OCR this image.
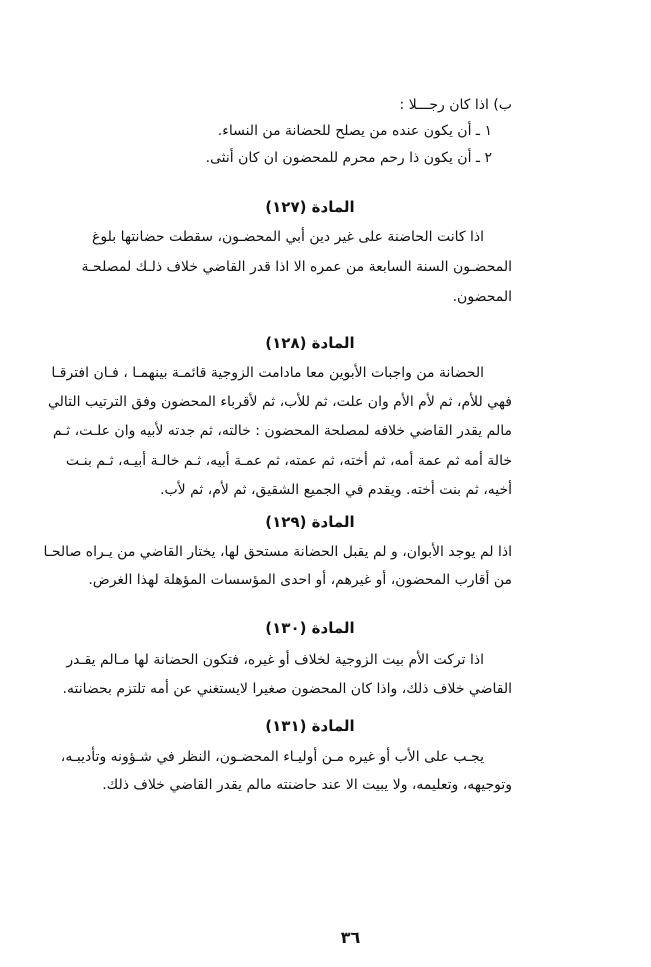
ب) اذا كان رجـــلا :
١ ـ أن يكون عنده من يصلح للحضانة من النساء.
٢ ـ أن يكون ذا رحم محرم للمحضون ان كان أنثى.
المادة (١٢٧)
اذا كانت الحاضنة على غير دين أبي المحضـون، سقطت حضانتها بلوغ
المحضـون السنة السابعة من عمره الا اذا قدر القاضي خلاف ذلـك لمصلحـة
المحضون.
المادة (١٢٨)
الحضانة من واجبات الأبوين معا مادامت الزوجية قائمـة بينهمـا ، فـان افترقـا
فهي للأم، ثم لأم الأم وان علت، ثم للأب، ثم لأقرباء المحضون وفق الترتيب التالي
مالم يقدر القاضي خلافه لمصلحة المحضون : خالته، ثم جدته لأبيه وان علـت، ثـم
خالة أمه ثم عمة أمه، ثم أخته، ثم عمته، ثم عمـة أبيه، ثـم خالـة أبيـه، ثـم بنـت
أخيه، ثم بنت أخته. ويقدم في الجميع الشقيق، ثم لأم، ثم لأب.
المادة (١٢٩)
اذا لم يوجد الأبوان، و لم يقبل الحضانة مستحق لها، يختار القاضي من يـراه صالحـا
من أقارب المحضون، أو غيرهم، أو احدى المؤسسات المؤهلة لهذا الغرض.
المادة (١٣٠)
اذا تركت الأم بيت الزوجية لخلاف أو غيره، فتكون الحضانة لها مـالم يقـدر
القاضي خلاف ذلك، واذا كان المحضون صغيرا لايستغني عن أمه تلتزم بحضانته.
المادة (١٣١)
يجـب على الأب أو غيره مـن أوليـاء المحضـون، النظر في شـؤونه وتأديبـه،
وتوجيهه، وتعليمه، ولا يبيت الا عند حاضنته مالم يقدر القاضي خلاف ذلك.
٣٦
